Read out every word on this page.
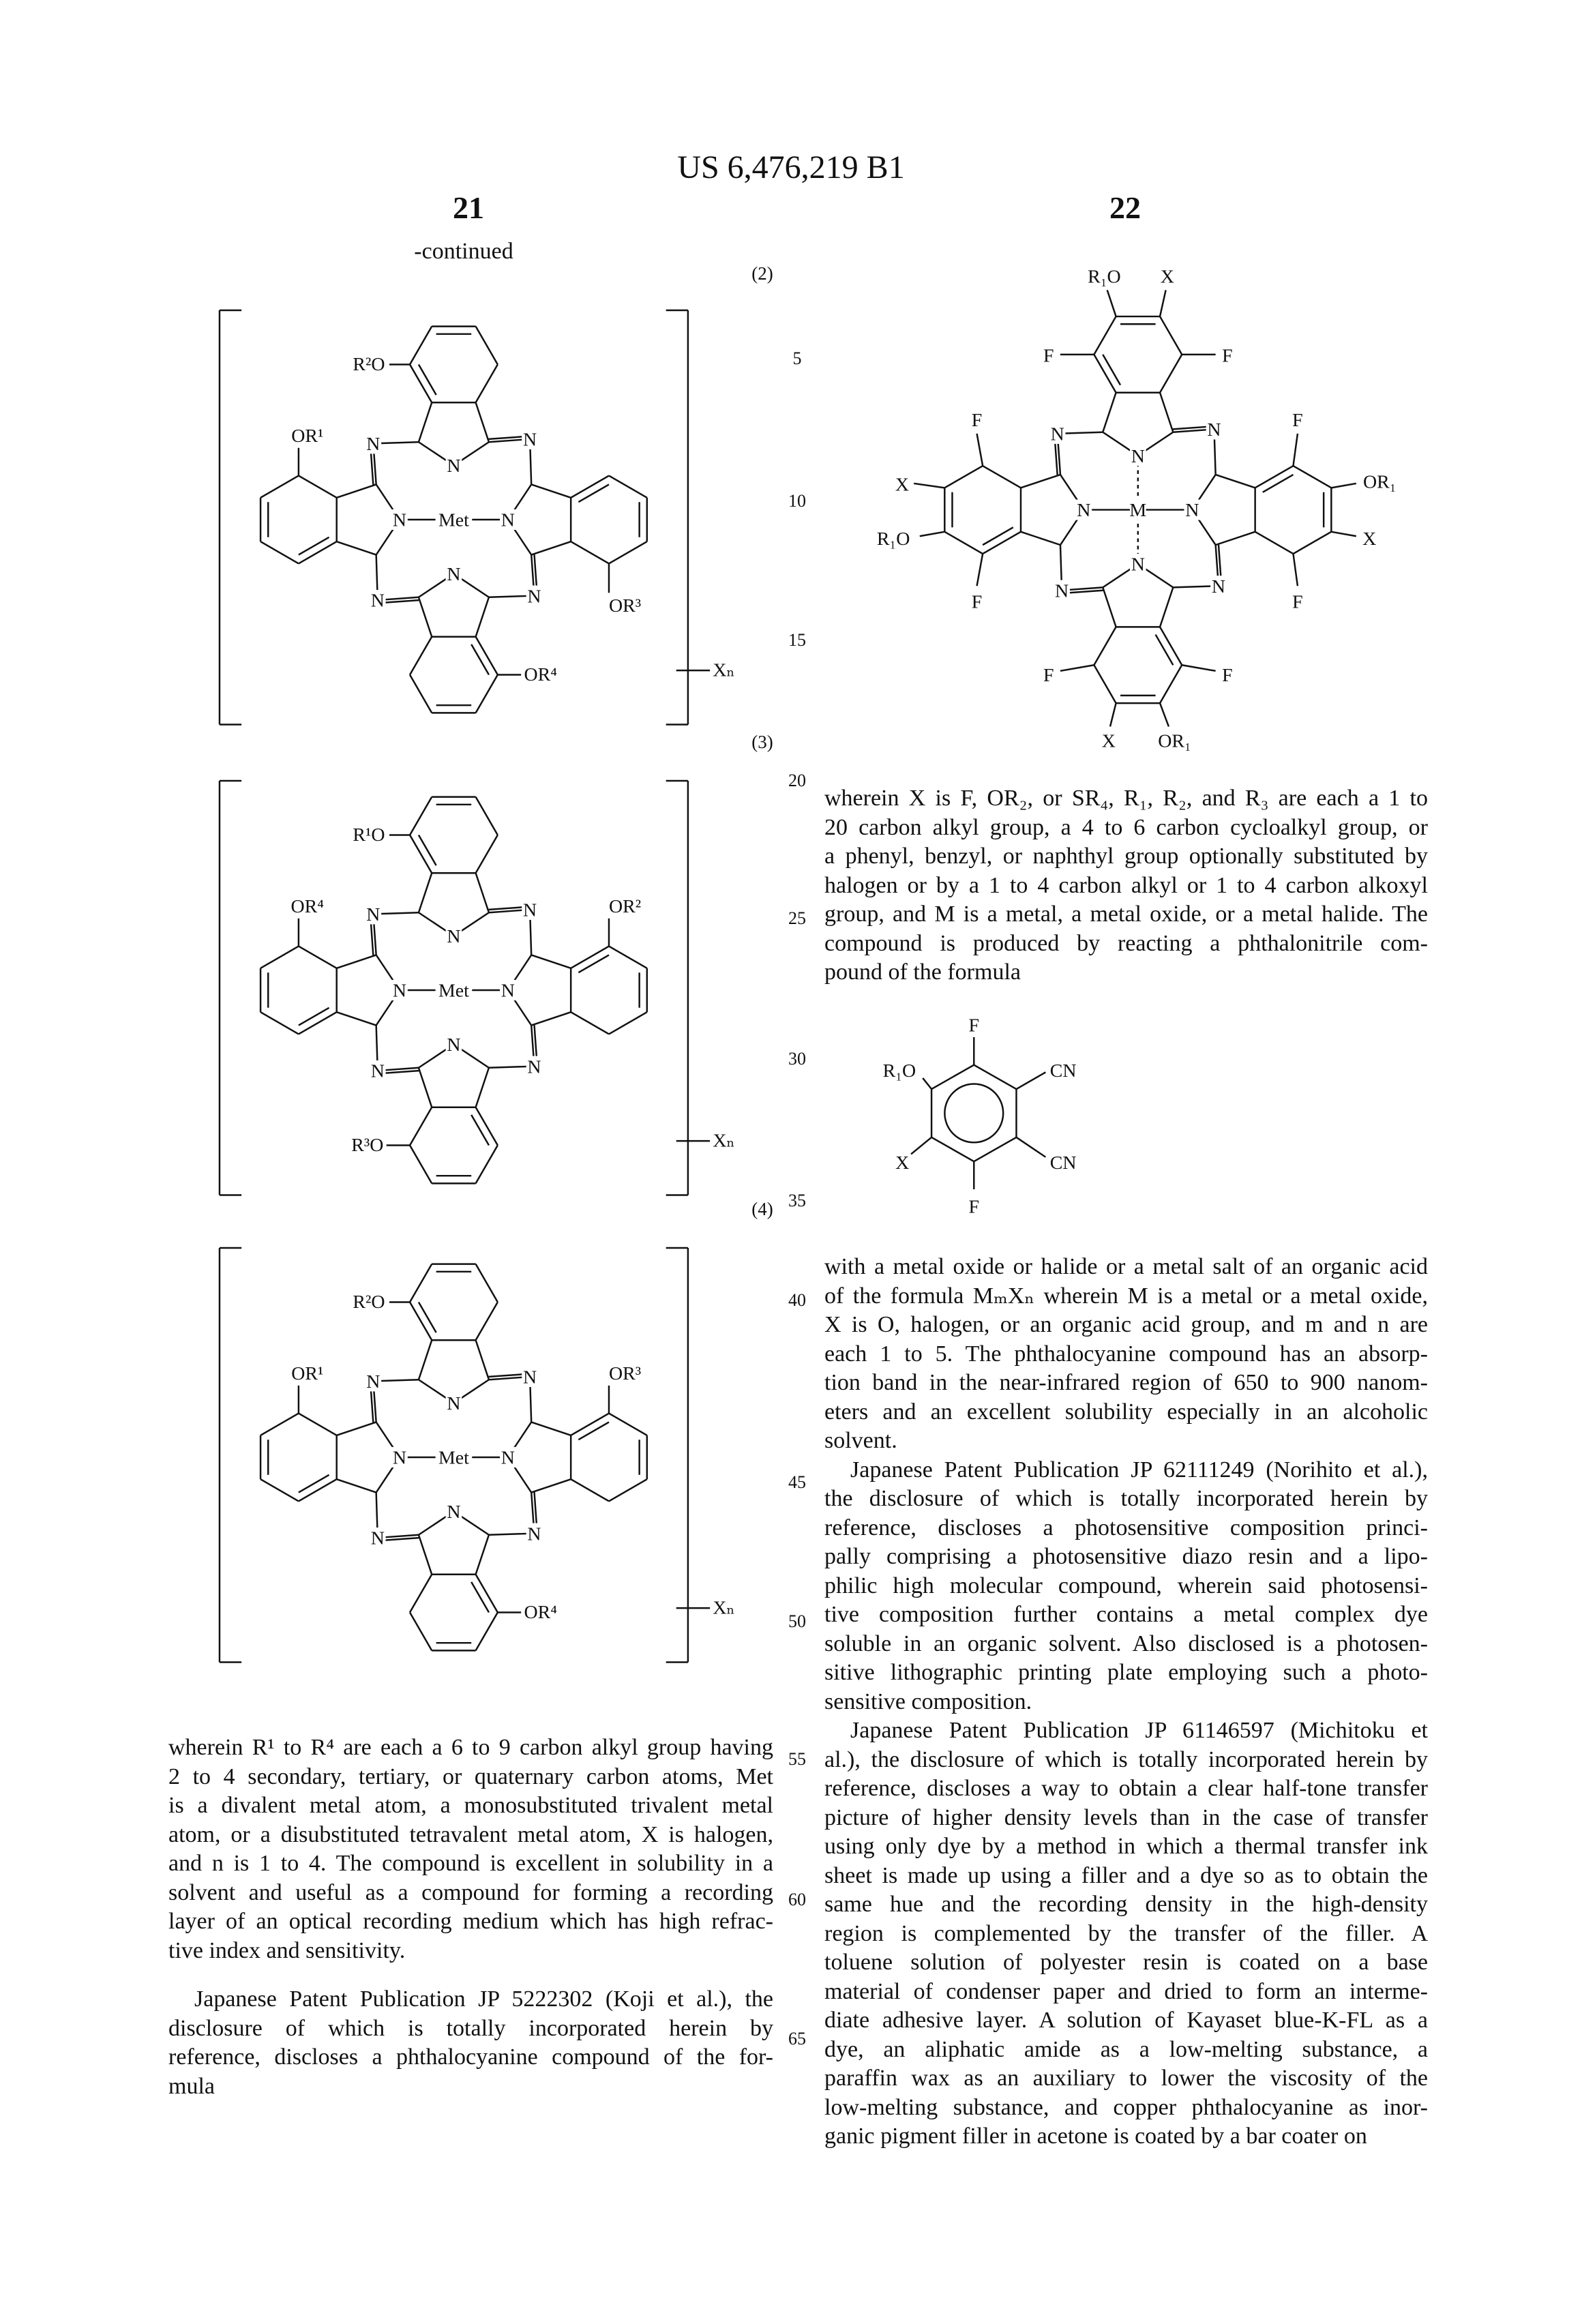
US 6,476,219 B1
21	22
-continued
(2)
(3)
(4)
5
10
15
20
25
30
35
40
45
50
55
60
65
R²O
OR¹
OR³
OR⁴	Xₙ
N
N
N
N
N
N
N
N
Met
R¹O
OR⁴	OR²
R³O	Xₙ
N
N
N
N
N
N
N
N
Met
R²O
OR¹	OR³
OR⁴	Xₙ
N
N
N
N
N
N
N
N
Met
R₁O	X
F	F
F	F
X
R₁O
OR₁
X
F	F
F	F
X	OR₁
N
N
N
N
N
N
N
N
M
F
R₁O	CN
X	CN
F
wherein R¹ to R⁴ are each a 6 to 9 carbon alkyl group having
2 to 4 secondary, tertiary, or quaternary carbon atoms, Met
is a divalent metal atom, a monosubstituted trivalent metal
atom, or a disubstituted tetravalent metal atom, X is halogen,
and n is 1 to 4. The compound is excellent in solubility in a
solvent and useful as a compound for forming a recording
layer of an optical recording medium which has high refrac-
tive index and sensitivity.
Japanese Patent Publication JP 5222302 (Koji et al.), the
disclosure of which is totally incorporated herein by
reference, discloses a phthalocyanine compound of the for-
mula
wherein X is F, OR₂, or SR₄, R₁, R₂, and R₃ are each a 1 to
20 carbon alkyl group, a 4 to 6 carbon cycloalkyl group, or
a phenyl, benzyl, or naphthyl group optionally substituted by
halogen or by a 1 to 4 carbon alkyl or 1 to 4 carbon alkoxyl
group, and M is a metal, a metal oxide, or a metal halide. The
compound is produced by reacting a phthalonitrile com-
pound of the formula
with a metal oxide or halide or a metal salt of an organic acid
of the formula MₘXₙ wherein M is a metal or a metal oxide,
X is O, halogen, or an organic acid group, and m and n are
each 1 to 5. The phthalocyanine compound has an absorp-
tion band in the near-infrared region of 650 to 900 nanom-
eters and an excellent solubility especially in an alcoholic
solvent.
Japanese Patent Publication JP 62111249 (Norihito et al.),
the disclosure of which is totally incorporated herein by
reference, discloses a photosensitive composition princi-
pally comprising a photosensitive diazo resin and a lipo-
philic high molecular compound, wherein said photosensi-
tive composition further contains a metal complex dye
soluble in an organic solvent. Also disclosed is a photosen-
sitive lithographic printing plate employing such a photo-
sensitive composition.
Japanese Patent Publication JP 61146597 (Michitoku et
al.), the disclosure of which is totally incorporated herein by
reference, discloses a way to obtain a clear half-tone transfer
picture of higher density levels than in the case of transfer
using only dye by a method in which a thermal transfer ink
sheet is made up using a filler and a dye so as to obtain the
same hue and the recording density in the high-density
region is complemented by the transfer of the filler. A
toluene solution of polyester resin is coated on a base
material of condenser paper and dried to form an interme-
diate adhesive layer. A solution of Kayaset blue-K-FL as a
dye, an aliphatic amide as a low-melting substance, a
paraffin wax as an auxiliary to lower the viscosity of the
low-melting substance, and copper phthalocyanine as inor-
ganic pigment filler in acetone is coated by a bar coater on
